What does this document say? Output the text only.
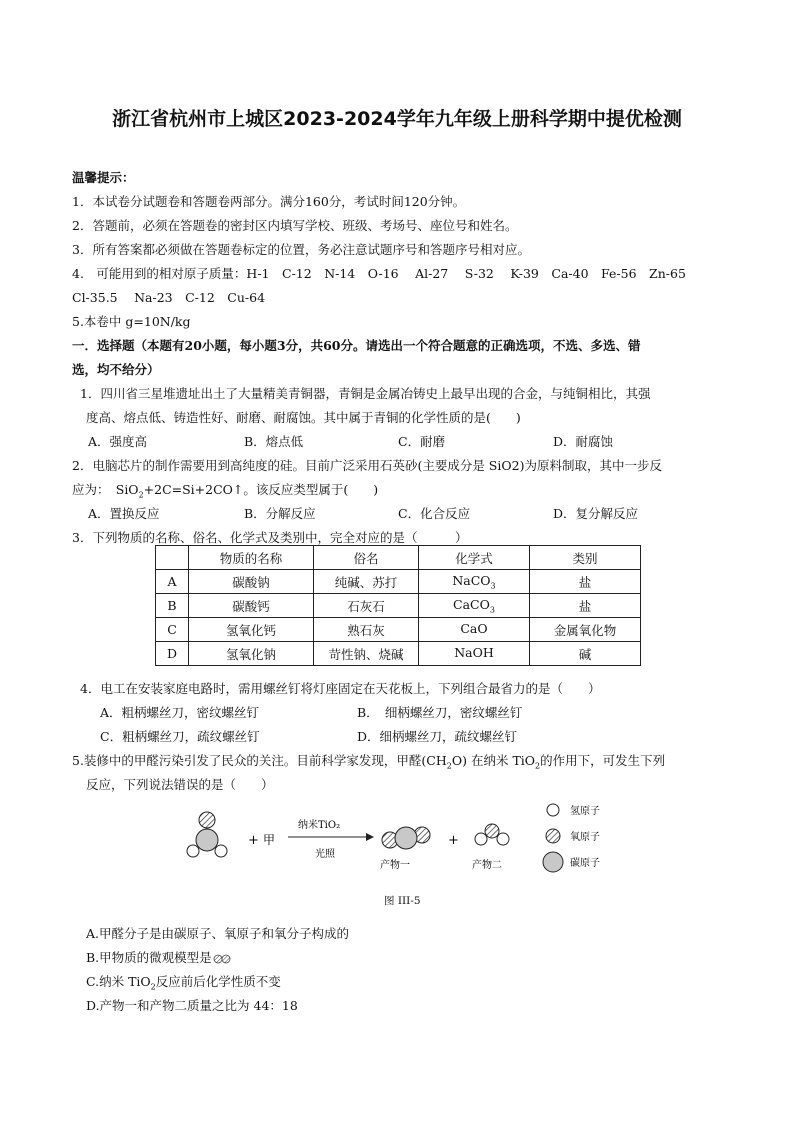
浙江省杭州市上城区2023-2024学年九年级上册科学期中提优检测
温馨提示：
1．本试卷分试题卷和答题卷两部分。满分160分，考试时间120分钟。
2．答题前，必须在答题卷的密封区内填写学校、班级、考场号、座位号和姓名。
3．所有答案都必须做在答题卷标定的位置，务必注意试题序号和答题序号相对应。
4.　可能用到的相对原子质量：H-1　C-12　N-14　O-16　 Al-27　 S-32　 K-39　Ca-40　Fe-56　Zn-65
Cl-35.5　 Na-23　C-12　Cu-64
5.本卷中 g=10N/kg
一．选择题（本题有20小题，每小题3分，共60分。请选出一个符合题意的正确选项，不选、多选、错
选，均不给分）
1．四川省三星堆遗址出土了大量精美青铜器，青铜是金属冶铸史上最早出现的合金，与纯铜相比，其强
度高、熔点低、铸造性好、耐磨、耐腐蚀。其中属于青铜的化学性质的是(　　)
A．强度高	B．熔点低	C．耐磨	D．耐腐蚀
2．电脑芯片的制作需要用到高纯度的硅。目前广泛采用石英砂(主要成分是 SiO2)为原料制取，其中一步反
应为：　SiO$_2$+2C=Si+2CO↑。该反应类型属于(　　)
A．置换反应	B．分解反应	C．化合反应	D．复分解反应
3．下列物质的名称、俗名、化学式及类别中，完全对应的是（　　　）
	物质的名称	俗名	化学式	类别
A	碳酸钠	纯碱、苏打	NaCO$_3$	盐
B	碳酸钙	石灰石	CaCO$_3$	盐
C	氢氧化钙	熟石灰	CaO	金属氧化物
D	氢氧化钠	苛性钠、烧碱	NaOH	碱
4．电工在安装家庭电路时，需用螺丝钉将灯座固定在天花板上，下列组合最省力的是（　　）
A．粗柄螺丝刀，密纹螺丝钉	B．　细柄螺丝刀，密纹螺丝钉
C．粗柄螺丝刀，疏纹螺丝钉	D．细柄螺丝刀，疏纹螺丝钉
5.装修中的甲醛污染引发了民众的关注。目前科学家发现，甲醛$(CH_2O)$ 在纳米 TiO$_2$的作用下，可发生下列
反应，下列说法错误的是（　　）
+ 甲
纳米TiO₂
光照
产物一
+
产物二
氢原子
氧原子
碳原子
图 III-5
A.甲醛分子是由碳原子、氧原子和氧分子构成的
B.甲物质的微观模型是
C.纳米 TiO$_2$反应前后化学性质不变
D.产物一和产物二质量之比为 44：18
